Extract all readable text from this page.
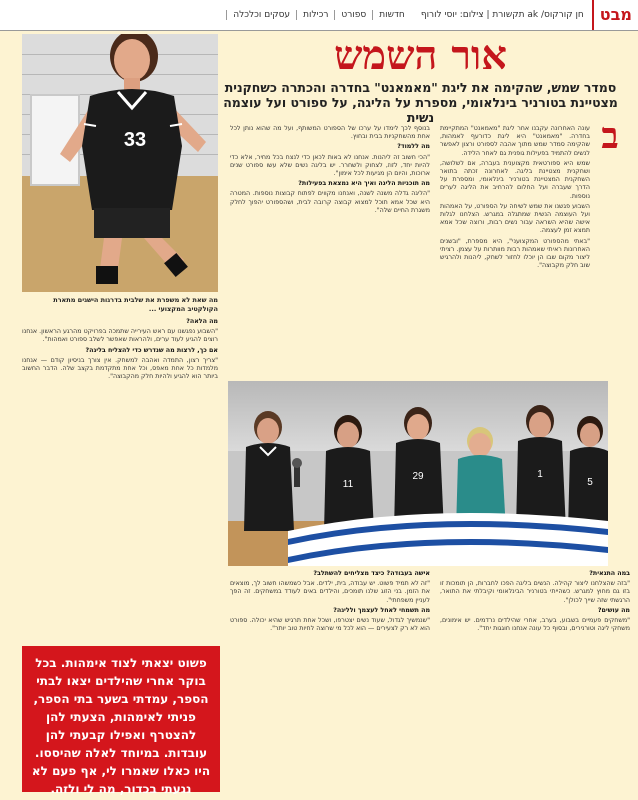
מבט
חן קורקוס/ ak תקשורת | צילום: יוסי לורוף
חדשות
ספורט
רכילות
עסקים וכלכלה
33
אור השמש
סמדר שמש, שהקימה את ליגת "מאמאנט" בחדרה והכתרה כשחקנית מצטיינת בטורניר בינלאומי, מספרת על הליגה, על ספורט ועל עוצמה נשית	ב

עונה האחרונה עקבנו אחר ליגת "מאמאנט" המתקיימת בחדרה. "מאמאנט" היא ליגת כדורעף לאמהות, שהקימה סמדר שמש מתוך אהבה לספורט ורצון לאפשר לנשים להתמיד בפעילות גופנית גם לאחר הלידה.

שמש היא ספורטאית מקצוענית בעברה, אם לשלושה, ושחקנית מצטיינת בליגה. לאחרונה זכתה בתואר השחקנית המצטיינת בטורניר בינלאומי, ומספרת על הדרך שעברה ועל החלום להרחיב את הליגה לערים נוספות.

השבוע פגשנו את שמש לשיחה על הספורט, על האמהות ועל העוצמה הנשית שמתגלה במגרש. הצלחנו לגלות אישה שהיא השראה עבור נשים רבות, ורוצה שכל אמא תמצא זמן לעצמה.

"באתי מהספורט המקצועני", היא מספרת, "ובשנים האחרונות ראיתי שאמהות רבות מוותרות על עצמן. רציתי ליצור מקום שבו הן יוכלו לחזור לשחק, ליהנות ולהרגיש שוב חלק מקבוצה".

בנוסף לכך לימדו על ערכו של הספורט המשותף, ועל מה שהוא נותן לכל אחת מהשחקניות בבית ובחוץ.

מה ללמוד?

"הכי חשוב זה ליהנות. אנחנו לא באות לכאן כדי לנצח בכל מחיר, אלא כדי להיות יחד, לזוז, לצחוק ולשחרר. יש בליגה נשים שלא עשו ספורט שנים ארוכות, והיום הן מגיעות לכל אימון".

מה תוכניות הליגה ואיך היא נמצאת בפעילות?

"הליגה גדלה משנה לשנה, ואנחנו מקווים לפתוח קבוצות נוספות. המטרה היא שכל אמא תוכל למצוא קבוצה קרובה לבית, ושהספורט יהפוך לחלק משגרת החיים שלה".

מה שאת לא משפרת את שלבית בדרגות הישגים מתארת הקולקטיב המקצועי ...

מה הלאה?

"השבוע נפגשנו עם ראש העירייה שתמכה בפרויקט מהרגע הראשון. אנחנו רוצים להגיע לעוד ערים, ולהראות שאפשר לשלב ספורט ואמהות".

אם כך, לרצות מה שנדרש כדי להצליח בליגה?

"צריך רצון, התמדה ואהבה למשחק. אין צורך בניסיון קודם — אנחנו מלמדות כל אחת מאפס, וכל אחת מתקדמת בקצב שלה. הדבר החשוב ביותר הוא להגיע ולהיות חלק מהקבוצה".

11
29	1
5

במה התגאית?

"בזה שהצלחנו ליצור קהילה. הנשים בליגה הפכו לחברות, הן תומכות זו בזו גם מחוץ למגרש. כשהייתי בטורניר הבינלאומי וקיבלתי את התואר, הרגשתי שזה שייך לכולן".

מה עושים?

"משחקים פעמיים בשבוע, בערב, אחרי שהילדים נרדמים. יש אימונים, משחקי ליגה וטורנירים, ובסוף כל עונה אנחנו חוגגות יחד".

אישה בעבודה? כיצד מצליחים להשתלב?

"זה לא תמיד פשוט. יש עבודה, בית, ילדים. אבל כשמשהו חשוב לך, מוצאים את הזמן. בני הזוג שלנו תומכים, והילדים באים לעודד במשחקים. זה הפך לעניין משפחתי".

מה תשמחי לאחל לעצמך ולליגה?

"שנמשיך לגדול, שעוד נשים יצטרפו, ושכל אחת תרגיש שהיא יכולה. ספורט הוא לא רק לצעירים — הוא לכל מי שרוצה לחיות טוב יותר".

פשוט יצאתי לצוד אימהות. בכל בוקר אחרי שהילדים יצאו לבתי הספר, עמדתי בשער בתי הספר, פניתי לאימהות, הצעתי להן להצטרף ואפילו קבעתי להן עובדות. במיוחד לאלה שהיססו. היו כאלו שאמרו לי, אף פעם לא נגעתי בכדור, מה לי ולזה.
